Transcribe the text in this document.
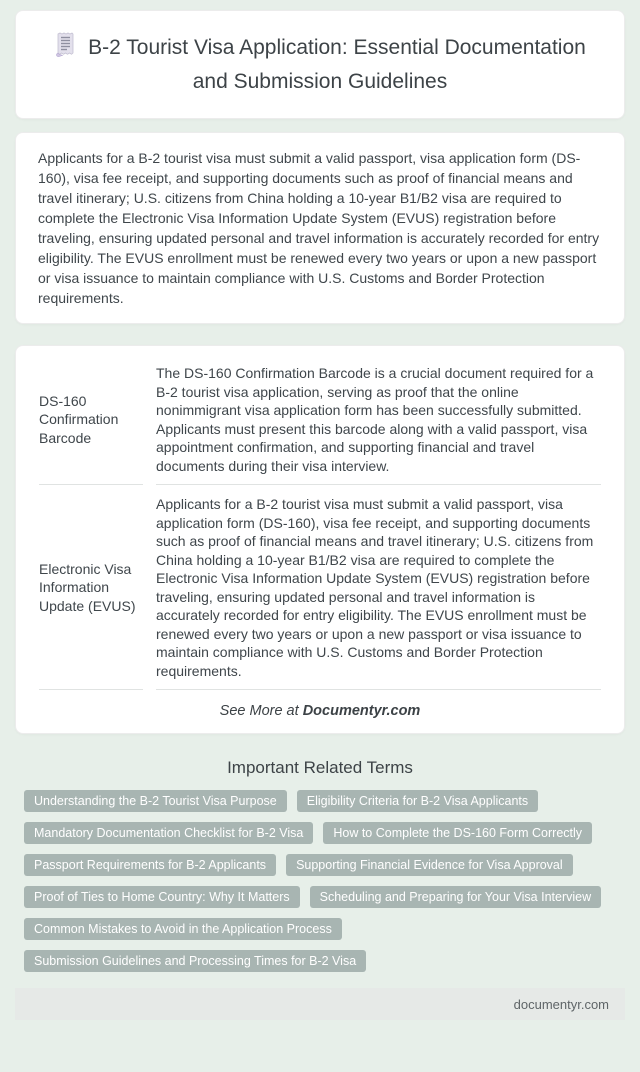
B-2 Tourist Visa Application: Essential Documentation and Submission Guidelines

Applicants for a B-2 tourist visa must submit a valid passport, visa application form (DS-160), visa fee receipt, and supporting documents such as proof of financial means and travel itinerary; U.S. citizens from China holding a 10-year B1/B2 visa are required to complete the Electronic Visa Information Update System (EVUS) registration before traveling, ensuring updated personal and travel information is accurately recorded for entry eligibility. The EVUS enrollment must be renewed every two years or upon a new passport or visa issuance to maintain compliance with U.S. Customs and Border Protection requirements.

DS-160 Confirmation Barcode	The DS-160 Confirmation Barcode is a crucial document required for a B-2 tourist visa application, serving as proof that the online nonimmigrant visa application form has been successfully submitted. Applicants must present this barcode along with a valid passport, visa appointment confirmation, and supporting financial and travel documents during their visa interview.
Electronic Visa Information Update (EVUS)	Applicants for a B-2 tourist visa must submit a valid passport, visa application form (DS-160), visa fee receipt, and supporting documents such as proof of financial means and travel itinerary; U.S. citizens from China holding a 10-year B1/B2 visa are required to complete the Electronic Visa Information Update System (EVUS) registration before traveling, ensuring updated personal and travel information is accurately recorded for entry eligibility. The EVUS enrollment must be renewed every two years or upon a new passport or visa issuance to maintain compliance with U.S. Customs and Border Protection requirements.

See More at Documentyr.com

Important Related Terms
Understanding the B-2 Tourist Visa Purpose	Eligibility Criteria for B-2 Visa Applicants
Mandatory Documentation Checklist for B-2 Visa	How to Complete the DS-160 Form Correctly
Passport Requirements for B-2 Applicants	Supporting Financial Evidence for Visa Approval
Proof of Ties to Home Country: Why It Matters	Scheduling and Preparing for Your Visa Interview
Common Mistakes to Avoid in the Application Process
Submission Guidelines and Processing Times for B-2 Visa
documentyr.com
